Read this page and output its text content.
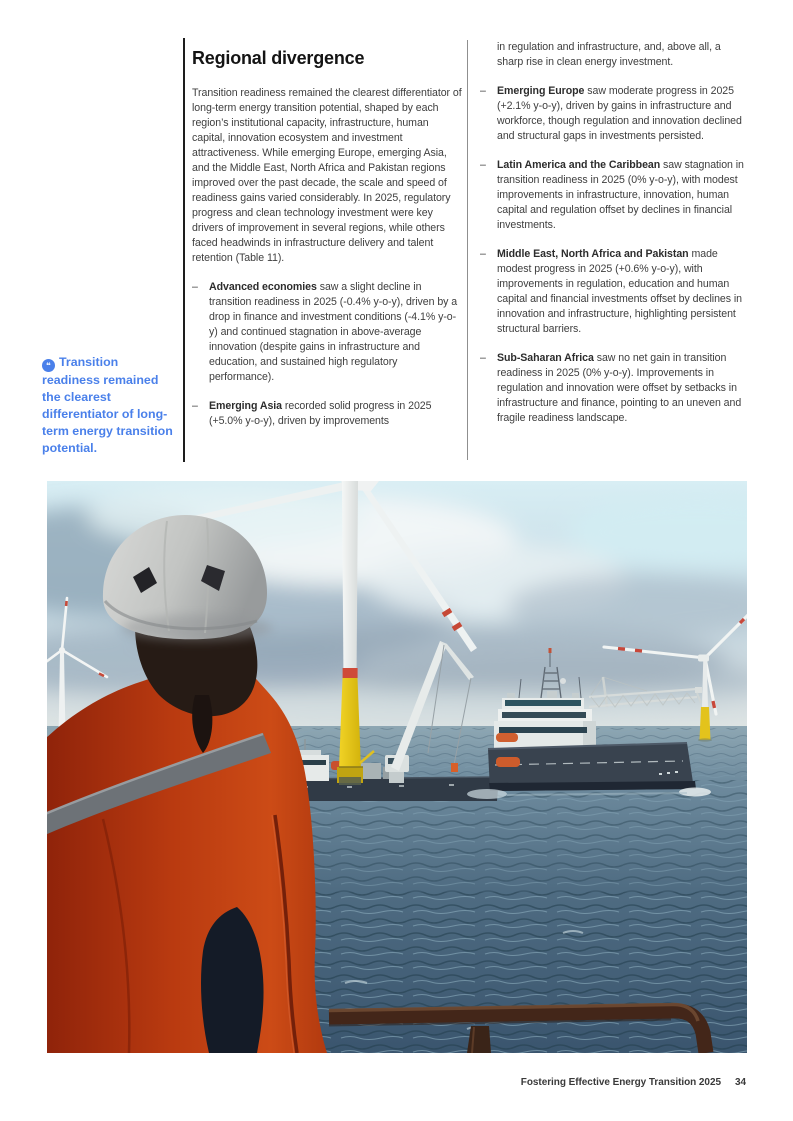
Regional divergence

Transition readiness remained the clearest differentiator of long-term energy transition potential, shaped by each region’s institutional capacity, infrastructure, human capital, innovation ecosystem and investment attractiveness. While emerging Europe, emerging Asia, and the Middle East, North Africa and Pakistan regions improved over the past decade, the scale and speed of readiness gains varied considerably. In 2025, regulatory progress and clean technology investment were key drivers of improvement in several regions, while others faced headwinds in infrastructure delivery and talent retention (Table 11).

–	Advanced economies saw a slight decline in transition readiness in 2025 (-0.4% y-o-y), driven by a drop in finance and investment conditions (-4.1% y-o-y) and continued stagnation in above-average innovation (despite gains in infrastructure and education, and sustained high regulatory performance).
–	Emerging Asia recorded solid progress in 2025 (+5.0% y-o-y), driven by improvements

in regulation and infrastructure, and, above all, a sharp rise in clean energy investment.

–	Emerging Europe saw moderate progress in 2025 (+2.1% y-o-y), driven by gains in infrastructure and workforce, though regulation and innovation declined and structural gaps in investments persisted.
–	Latin America and the Caribbean saw stagnation in transition readiness in 2025 (0% y-o-y), with modest improvements in infrastructure, innovation, human capital and regulation offset by declines in financial investments.
–	Middle East, North Africa and Pakistan made modest progress in 2025 (+0.6% y-o-y), with improvements in regulation, education and human capital and financial investments offset by declines in innovation and infrastructure, highlighting persistent structural barriers.
–	Sub-Saharan Africa saw no net gain in transition readiness in 2025 (0% y-o-y). Improvements in regulation and innovation were offset by setbacks in infrastructure and finance, pointing to an uneven and fragile readiness landscape.
❝ Transition readiness remained the clearest differentiator of long-term energy transition potential.
Fostering Effective Energy Transition 2025 34
